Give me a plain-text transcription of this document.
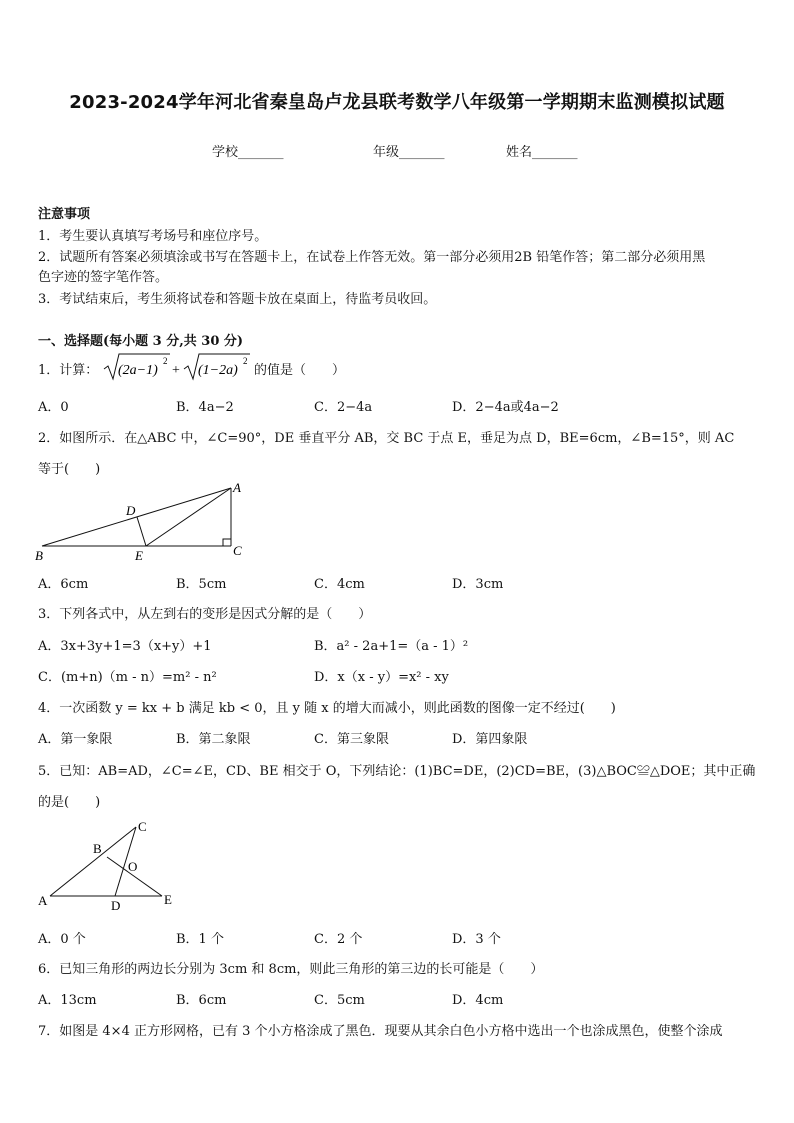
2023-2024学年河北省秦皇岛卢龙县联考数学八年级第一学期期末监测模拟试题
学校_______	年级_______	姓名_______
注意事项
1．考生要认真填写考场号和座位序号。
2．试题所有答案必须填涂或书写在答题卡上，在试卷上作答无效。第一部分必须用2B 铅笔作答；第二部分必须用黑
色字迹的签字笔作答。
3．考试结束后，考生须将试卷和答题卡放在桌面上，待监考员收回。
一、选择题(每小题 3 分,共 30 分)
1．计算： (2a−1)
2
+ (1−2a)
2
的值是（　　）
A．0	B．4a−2	C．2−4a	D．2−4a或4a−2
2．如图所示．在△ABC 中，∠C=90°，DE 垂直平分 AB，交 BC 于点 E，垂足为点 D，BE=6cm，∠B=15°，则 AC
等于(　　)
A
B	C
D
E
A．6cm	B．5cm	C．4cm	D．3cm
3．下列各式中，从左到右的变形是因式分解的是（　　）
A．3x+3y+1=3（x+y）+1	B．a² - 2a+1=（a - 1）²
C．(m+n)（m - n）=m² - n²	D．x（x - y）=x² - xy
4．一次函数 y = kx + b 满足 kb < 0，且 y 随 x 的增大而减小，则此函数的图像一定不经过(　　)
A．第一象限	B．第二象限	C．第三象限	D．第四象限
5．已知：AB=AD，∠C=∠E，CD、BE 相交于 O，下列结论：(1)BC=DE，(2)CD=BE，(3)△BOC≌△DOE；其中正确
的是(　　)
C
B
O
A	D	E
A．0 个	B．1 个	C．2 个	D．3 个
6．已知三角形的两边长分别为 3cm 和 8cm，则此三角形的第三边的长可能是（　　）
A．13cm	B．6cm	C．5cm	D．4cm
7．如图是 4×4 正方形网格，已有 3 个小方格涂成了黑色．现要从其余白色小方格中选出一个也涂成黑色，使整个涂成
